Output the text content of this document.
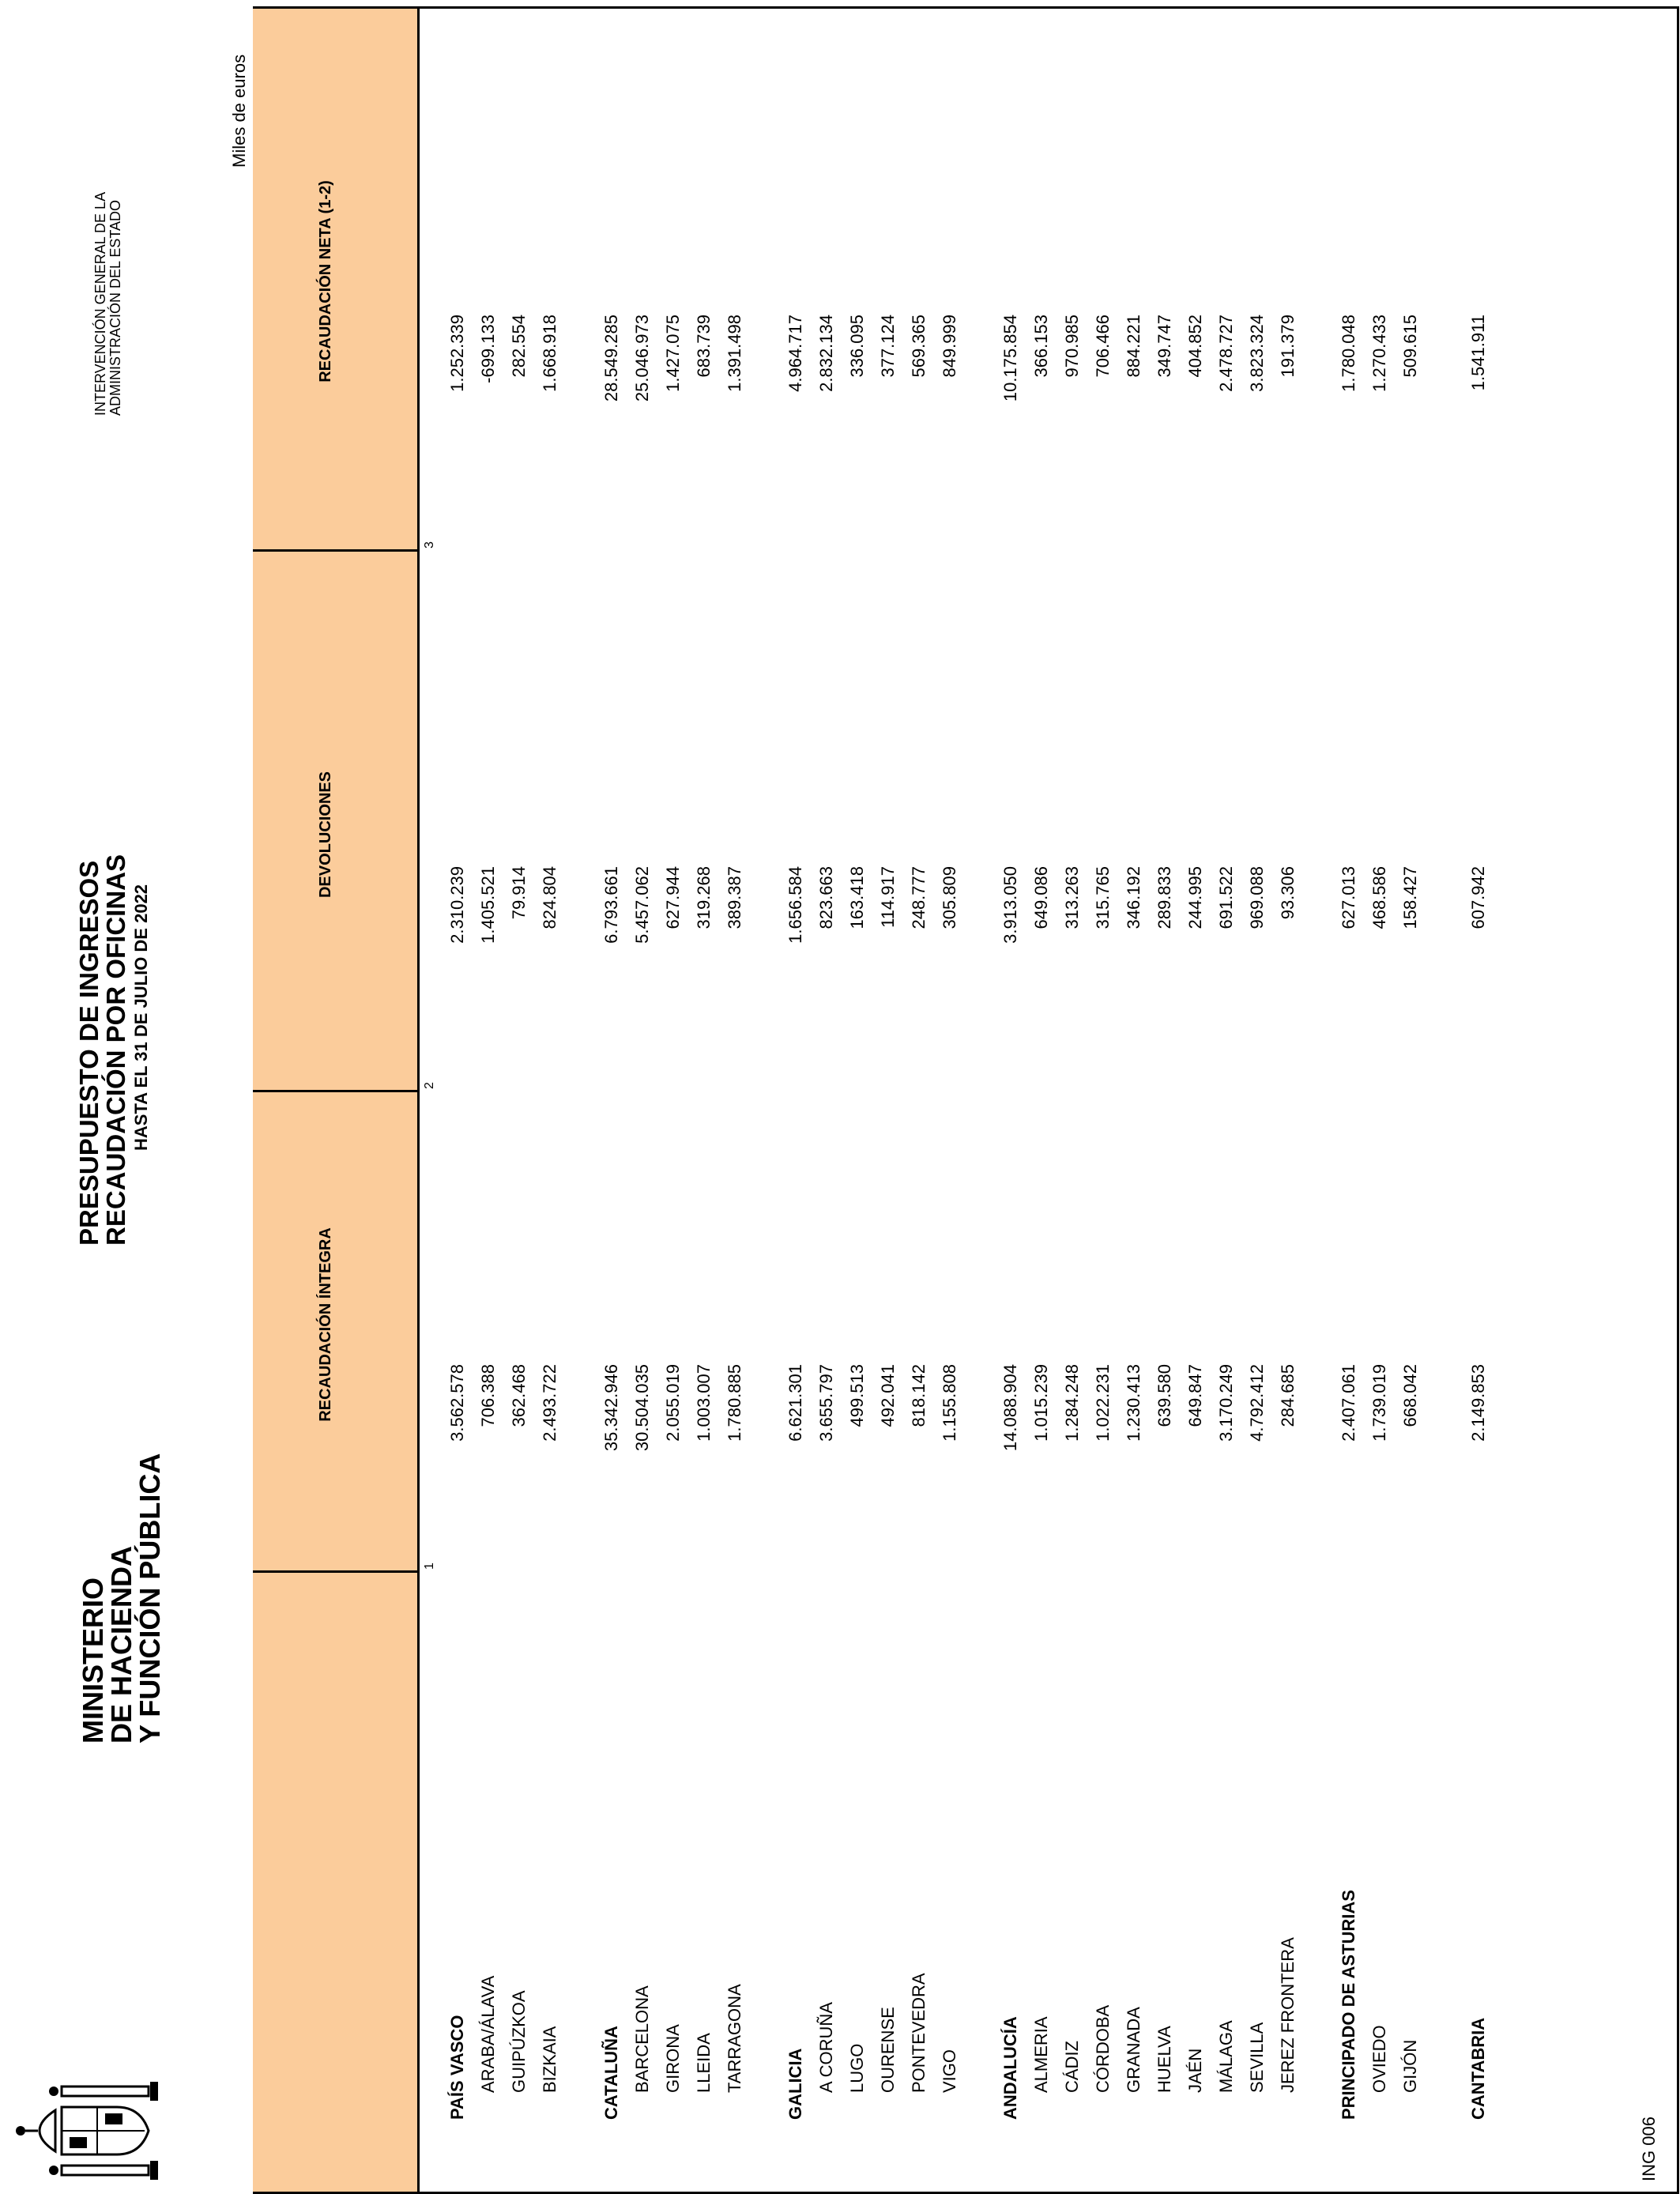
MINISTERIO
DE HACIENDA
Y FUNCIÓN PÚBLICA
PRESUPUESTO DE INGRESOS
RECAUDACIÓN POR OFICINAS HASTA EL 31 DE JULIO DE 2022
INTERVENCIÓN GENERAL DE LA ADMINISTRACIÓN DEL ESTADO
Miles de euros
RECAUDACIÓN ÍNTEGRA
DEVOLUCIONES
RECAUDACIÓN NETA (1-2)
1
2
3
PAÍS VASCO
3.562.578
2.310.239
1.252.339
ARABA/ÁLAVA
706.388
1.405.521
-699.133
GUIPÚZKOA
362.468
79.914
282.554
BIZKAIA
2.493.722
824.804
1.668.918
CATALUÑA
35.342.946
6.793.661
28.549.285
BARCELONA
30.504.035
5.457.062
25.046.973
GIRONA
2.055.019
627.944
1.427.075
LLEIDA
1.003.007
319.268
683.739
TARRAGONA
1.780.885
389.387
1.391.498
GALICIA
6.621.301
1.656.584
4.964.717
A CORUÑA
3.655.797
823.663
2.832.134
LUGO
499.513
163.418
336.095
OURENSE
492.041
114.917
377.124
PONTEVEDRA
818.142
248.777
569.365
VIGO
1.155.808
305.809
849.999
ANDALUCÍA
14.088.904
3.913.050
10.175.854
ALMERIA
1.015.239
649.086
366.153
CÁDIZ
1.284.248
313.263
970.985
CÓRDOBA
1.022.231
315.765
706.466
GRANADA
1.230.413
346.192
884.221
HUELVA
639.580
289.833
349.747
JAÉN
649.847
244.995
404.852
MÁLAGA
3.170.249
691.522
2.478.727
SEVILLA
4.792.412
969.088
3.823.324
JEREZ FRONTERA
284.685
93.306
191.379
PRINCIPADO DE ASTURIAS
2.407.061
627.013
1.780.048
OVIEDO
1.739.019
468.586
1.270.433
GIJÓN
668.042
158.427
509.615
CANTABRIA
2.149.853
607.942
1.541.911
ING 006
